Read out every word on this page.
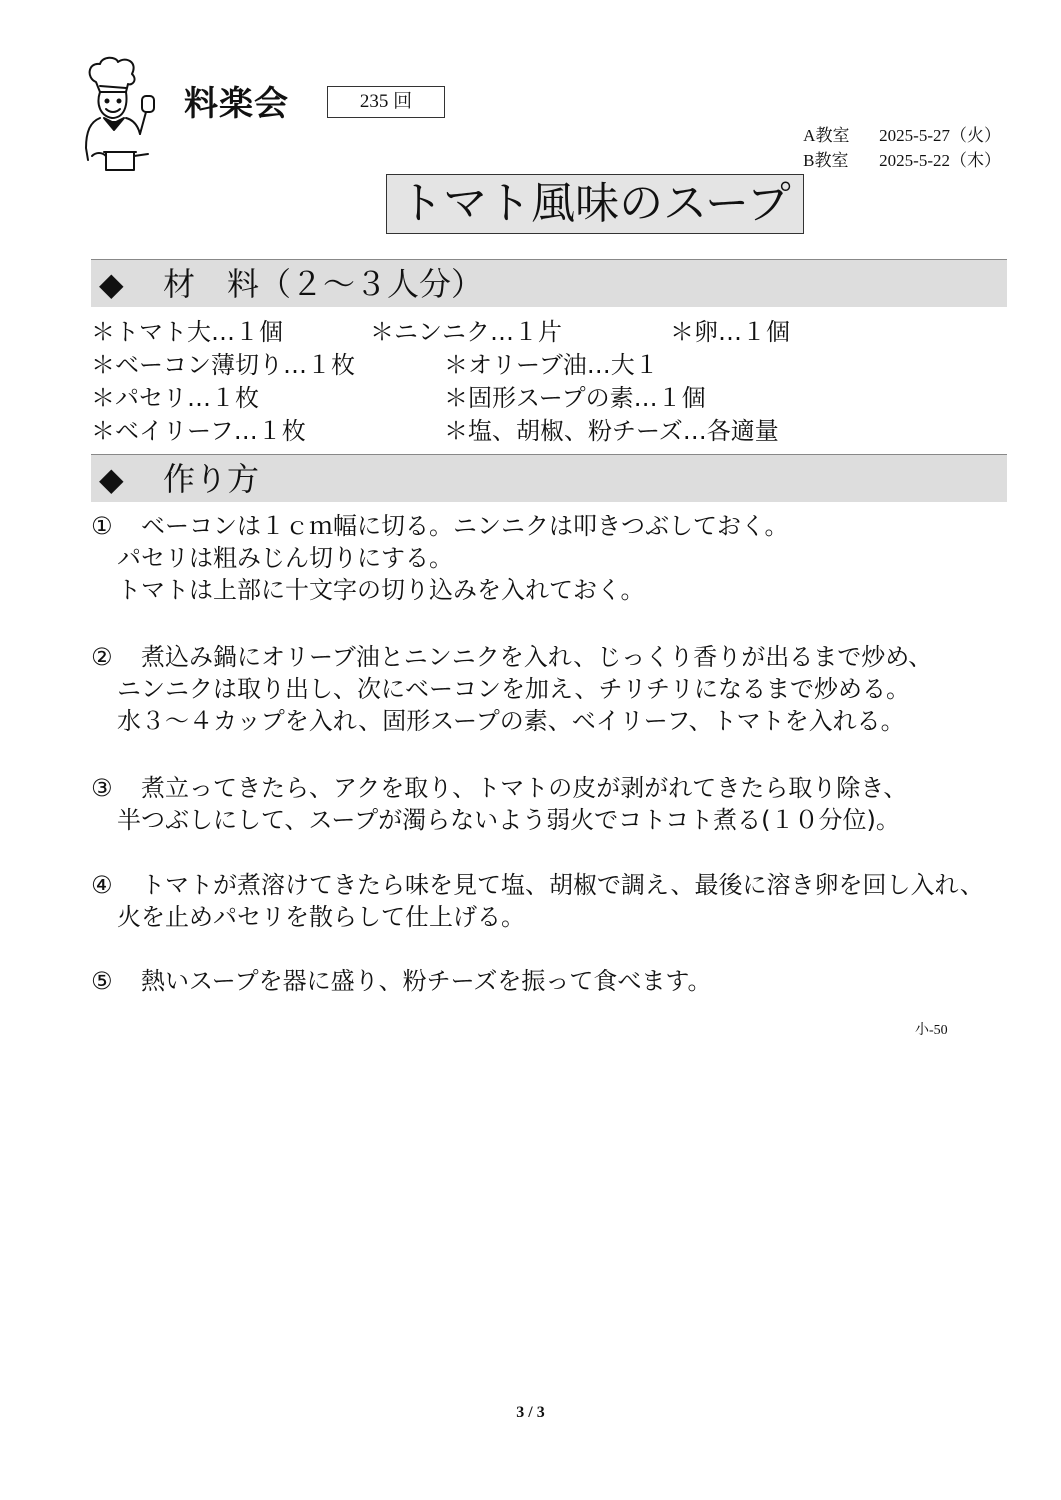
料楽会	235 回
A教室 2025-5-27（火）
B教室 2025-5-22（木）
トマト風味のスープ
◆ 材　料（２～３人分）
＊トマト大…１個	＊ニンニク…１片	＊卵…１個
＊ベーコン薄切り…１枚	＊オリーブ油…大１
＊パセリ…１枚	＊固形スープの素…１個
＊ベイリーフ…１枚	＊塩、胡椒、粉チーズ…各適量
◆ 作り方
① ベーコンは１ｃｍ幅に切る。ニンニクは叩きつぶしておく。
パセリは粗みじん切りにする。
トマトは上部に十文字の切り込みを入れておく。
② 煮込み鍋にオリーブ油とニンニクを入れ、じっくり香りが出るまで炒め、
ニンニクは取り出し、次にベーコンを加え、チリチリになるまで炒める。
水３～４カップを入れ、固形スープの素、ベイリーフ、トマトを入れる。
③ 煮立ってきたら、アクを取り、トマトの皮が剥がれてきたら取り除き、
半つぶしにして、スープが濁らないよう弱火でコトコト煮る(１０分位)。
④ トマトが煮溶けてきたら味を見て塩、胡椒で調え、最後に溶き卵を回し入れ、
火を止めパセリを散らして仕上げる。
⑤ 熱いスープを器に盛り、粉チーズを振って食べます。
小-50
3 / 3
